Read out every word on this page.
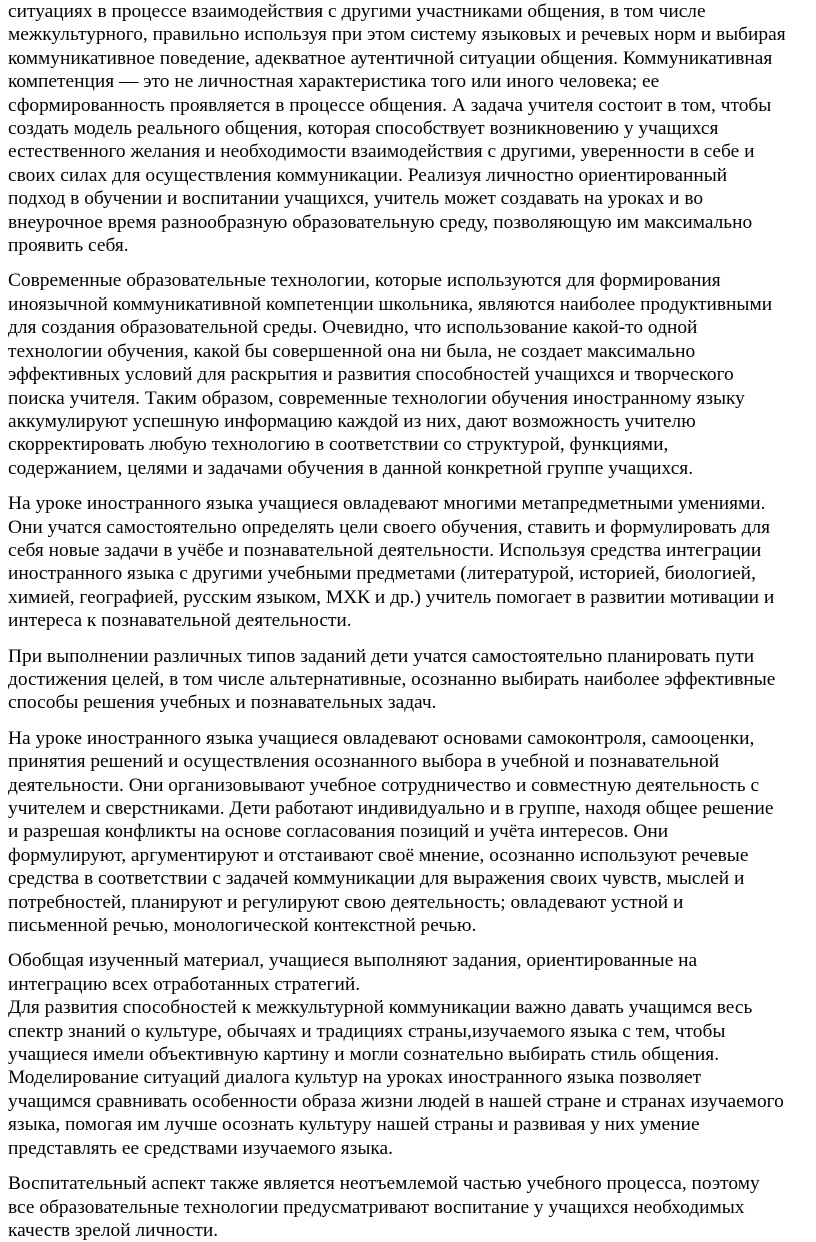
ситуациях в процессе взаимодействия с другими участниками общения, в том числе
межкультурного, правильно используя при этом систему языковых и речевых норм и выбирая
коммуникативное поведение, адекватное аутентичной ситуации общения. Коммуникативная
компетенция — это не личностная характеристика того или иного человека; ее
сформированность проявляется в процессе общения. А задача учителя состоит в том, чтобы
создать модель реального общения, которая способствует возникновению у учащихся
естественного желания и необходимости взаимодействия с другими, уверенности в себе и
своих силах для осуществления коммуникации. Реализуя личностно ориентированный
подход в обучении и воспитании учащихся, учитель может создавать на уроках и во
внеурочное время разнообразную образовательную среду, позволяющую им максимально
проявить себя.

Современные образовательные технологии, которые используются для формирования
иноязычной коммуникативной компетенции школьника, являются наиболее продуктивными
для создания образовательной среды. Очевидно, что использование какой-то одной
технологии обучения, какой бы совершенной она ни была, не создает максимально
эффективных условий для раскрытия и развития способностей учащихся и творческого
поиска учителя. Таким образом, современные технологии обучения иностранному языку
аккумулируют успешную информацию каждой из них, дают возможность учителю
скорректировать любую технологию в соответствии со структурой, функциями,
содержанием, целями и задачами обучения в данной конкретной группе учащихся.

На уроке иностранного языка учащиеся овладевают многими метапредметными умениями.
Они учатся самостоятельно определять цели своего обучения, ставить и формулировать для
себя новые задачи в учёбе и познавательной деятельности. Используя средства интеграции
иностранного языка с другими учебными предметами (литературой, историей, биологией,
химией, географией, русским языком, МХК и др.) учитель помогает в развитии мотивации и
интереса к познавательной деятельности.

При выполнении различных типов заданий дети учатся самостоятельно планировать пути
достижения целей, в том числе альтернативные, осознанно выбирать наиболее эффективные
способы решения учебных и познавательных задач.

На уроке иностранного языка учащиеся овладевают основами самоконтроля, самооценки,
принятия решений и осуществления осознанного выбора в учебной и познавательной
деятельности. Они организовывают учебное сотрудничество и совместную деятельность с
учителем и сверстниками. Дети работают индивидуально и в группе, находя общее решение
и разрешая конфликты на основе согласования позиций и учёта интересов. Они
формулируют, аргументируют и отстаивают своё мнение, осознанно используют речевые
средства в соответствии с задачей коммуникации для выражения своих чувств, мыслей и
потребностей, планируют и регулируют свою деятельность; овладевают устной и
письменной речью, монологической контекстной речью.

Обобщая изученный материал, учащиеся выполняют задания, ориентированные на
интеграцию всех отработанных стратегий.

Для развития способностей к межкультурной коммуникации важно давать учащимся весь
спектр знаний о культуре, обычаях и традициях страны,изучаемого языка с тем, чтобы
учащиеся имели объективную картину и могли сознательно выбирать стиль общения.
Моделирование ситуаций диалога культур на уроках иностранного языка позволяет
учащимся сравнивать особенности образа жизни людей в нашей стране и странах изучаемого
языка, помогая им лучше осознать культуру нашей страны и развивая у них умение
представлять ее средствами изучаемого языка.

Воспитательный аспект также является неотъемлемой частью учебного процесса, поэтому
все образовательные технологии предусматривают воспитание у учащихся необходимых
качеств зрелой личности.
